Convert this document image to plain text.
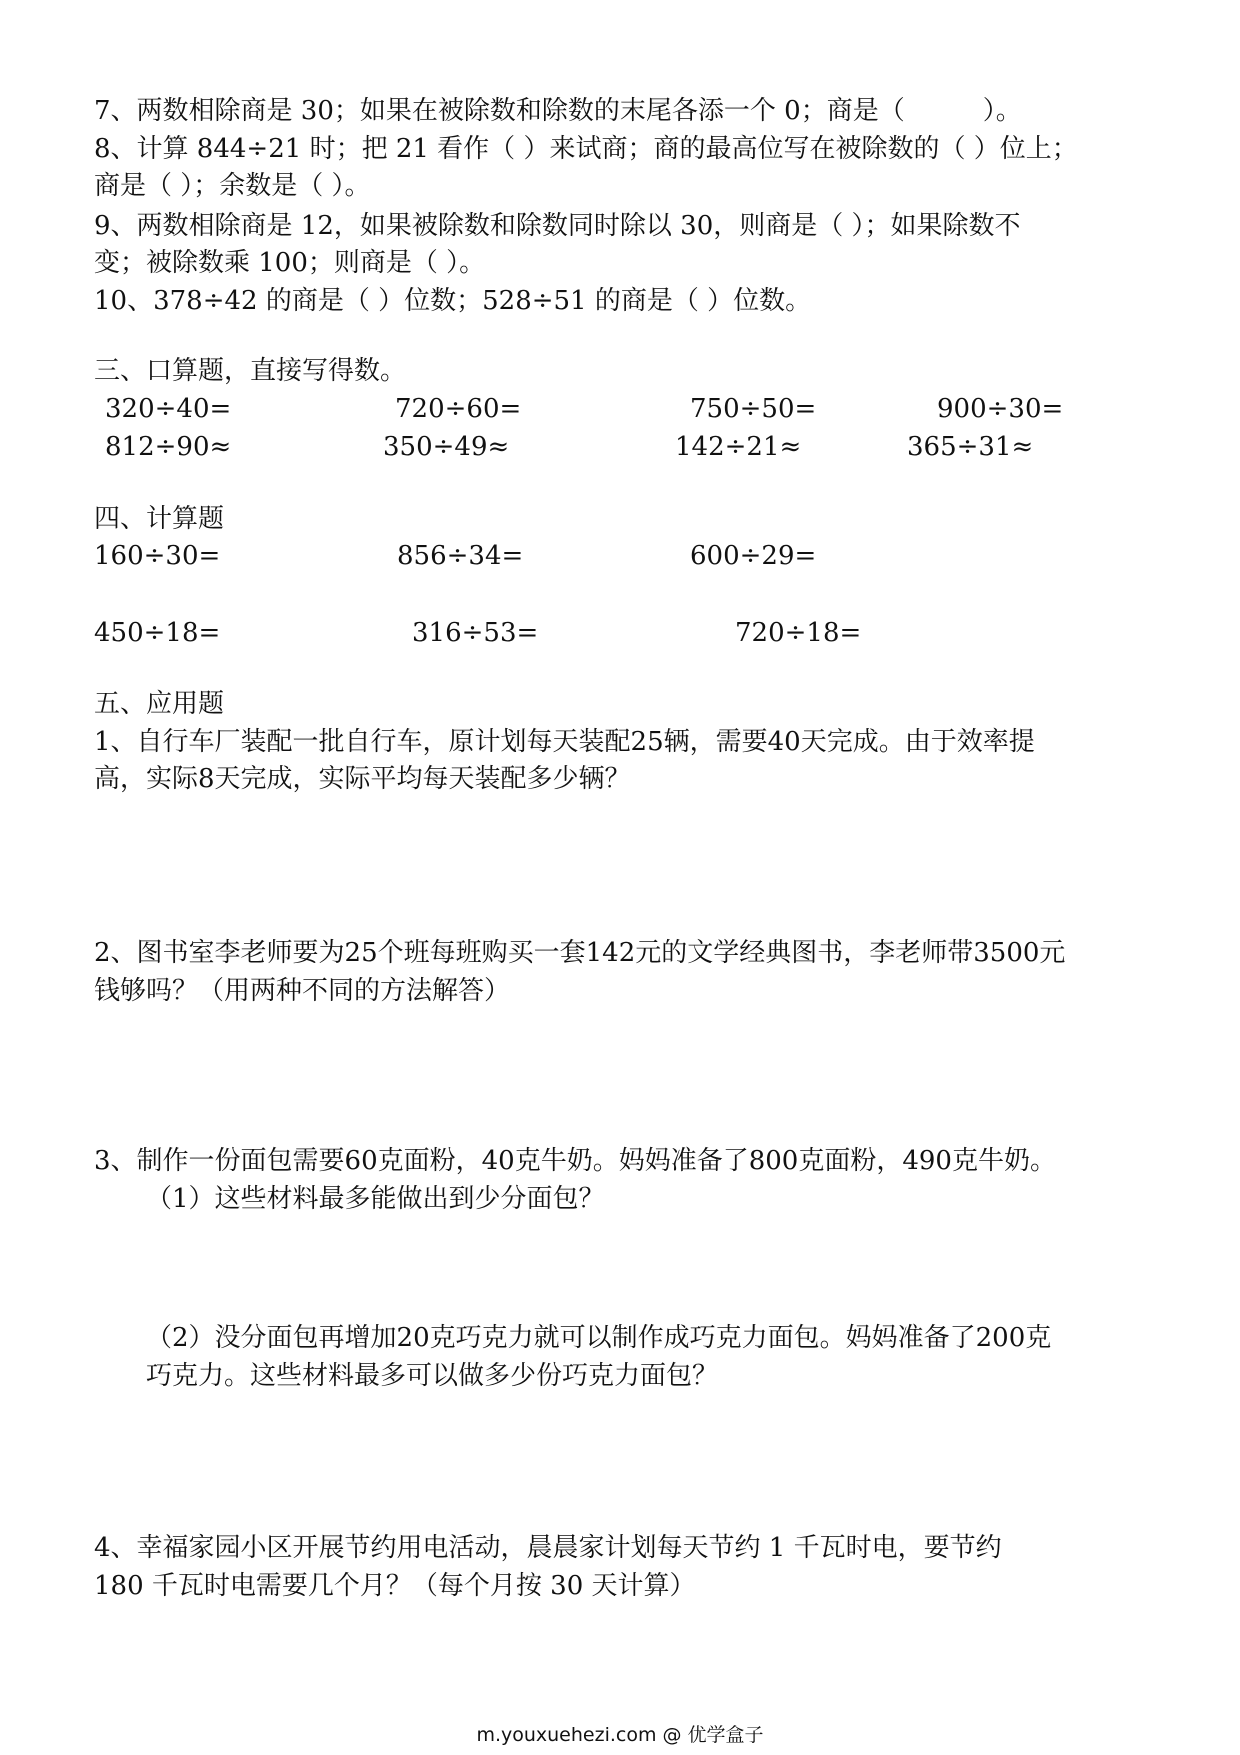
7、两数相除商是 30；如果在被除数和除数的末尾各添一个 0；商是（　　　）。
8、计算 844÷21 时；把 21 看作（ ）来试商；商的最高位写在被除数的（ ）位上；
商是（ ）；余数是（ ）。
9、两数相除商是 12，如果被除数和除数同时除以 30，则商是（ ）；如果除数不
变；被除数乘 100；则商是（ ）。
10、378÷42 的商是（ ）位数；528÷51 的商是（ ）位数。
三、口算题，直接写得数。
320÷40=	720÷60=	750÷50=	900÷30=
812÷90≈	350÷49≈	142÷21≈	365÷31≈
四、计算题
160÷30=	856÷34=	600÷29=
450÷18=	316÷53=	720÷18=
五、应用题
1、自行车厂装配一批自行车，原计划每天装配25辆，需要40天完成。由于效率提
高，实际8天完成，实际平均每天装配多少辆？
2、图书室李老师要为25个班每班购买一套142元的文学经典图书，李老师带3500元
钱够吗？（用两种不同的方法解答）
3、制作一份面包需要60克面粉，40克牛奶。妈妈准备了800克面粉，490克牛奶。
（1）这些材料最多能做出到少分面包？
（2）没分面包再增加20克巧克力就可以制作成巧克力面包。妈妈准备了200克
巧克力。这些材料最多可以做多少份巧克力面包？
4、幸福家园小区开展节约用电活动，晨晨家计划每天节约 1 千瓦时电，要节约
180 千瓦时电需要几个月？（每个月按 30 天计算）
m.youxuehezi.com @ 优学盒子
